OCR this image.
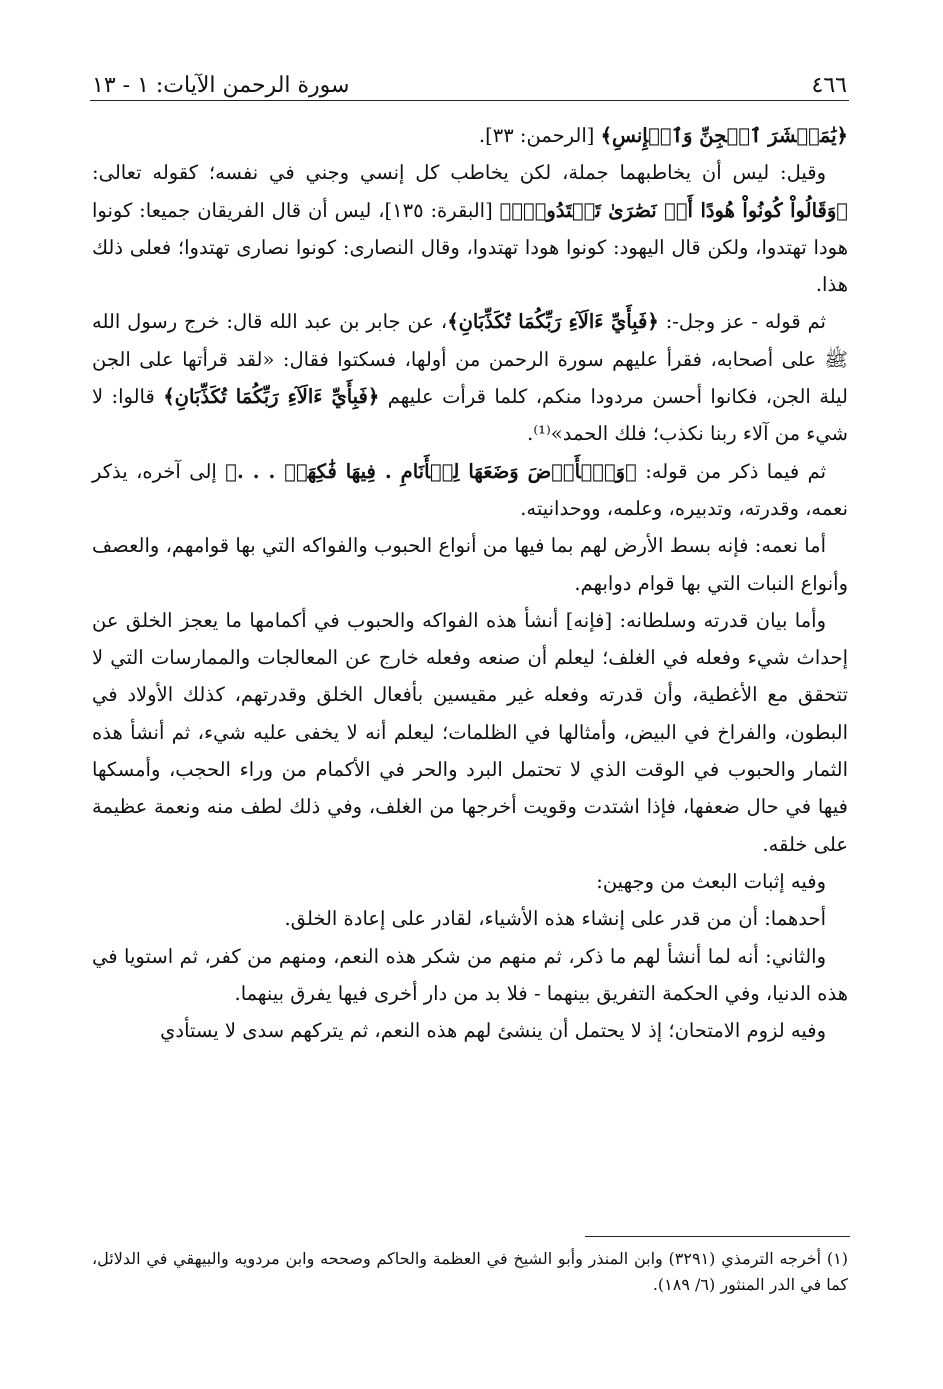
٤٦٦
سورة الرحمن الآيات: ١ - ١٣

﴿يَٰمَعۡشَرَ ٱلۡجِنِّ وَٱلۡإِنسِ﴾ [الرحمن: ٣٣].

وقيل: ليس أن يخاطبهما جملة، لكن يخاطب كل إنسي وجني في نفسه؛ كقوله تعالى: ﴿وَقَالُواْ كُونُواْ هُودًا أَوۡ نَصَٰرَىٰ تَهۡتَدُواْۗ﴾ [البقرة: ١٣٥]، ليس أن قال الفريقان جميعا: كونوا هودا تهتدوا، ولكن قال اليهود: كونوا هودا تهتدوا، وقال النصارى: كونوا نصارى تهتدوا؛ فعلى ذلك هذا.

ثم قوله - عز وجل-: ﴿فَبِأَيِّ ءَالَآءِ رَبِّكُمَا تُكَذِّبَانِ﴾، عن جابر بن عبد الله قال: خرج رسول الله ﷺ على أصحابه، فقرأ عليهم سورة الرحمن من أولها، فسكتوا فقال: «لقد قرأتها على الجن ليلة الجن، فكانوا أحسن مردودا منكم، كلما قرأت عليهم ﴿فَبِأَيِّ ءَالَآءِ رَبِّكُمَا تُكَذِّبَانِ﴾ قالوا: لا شيء من آلاء ربنا نكذب؛ فلك الحمد»⁽¹⁾.

ثم فيما ذكر من قوله: ﴿وَٱلۡأَرۡضَ وَضَعَهَا لِلۡأَنَامِ . فِيهَا فَٰكِهَةٞ . . .﴾ إلى آخره، يذكر نعمه، وقدرته، وتدبيره، وعلمه، ووحدانيته.

أما نعمه: فإنه بسط الأرض لهم بما فيها من أنواع الحبوب والفواكه التي بها قوامهم، والعصف وأنواع النبات التي بها قوام دوابهم.

وأما بيان قدرته وسلطانه: [فإنه] أنشأ هذه الفواكه والحبوب في أكمامها ما يعجز الخلق عن إحداث شيء وفعله في الغلف؛ ليعلم أن صنعه وفعله خارج عن المعالجات والممارسات التي لا تتحقق مع الأغطية، وأن قدرته وفعله غير مقيسين بأفعال الخلق وقدرتهم، كذلك الأولاد في البطون، والفراخ في البيض، وأمثالها في الظلمات؛ ليعلم أنه لا يخفى عليه شيء، ثم أنشأ هذه الثمار والحبوب في الوقت الذي لا تحتمل البرد والحر في الأكمام من وراء الحجب، وأمسكها فيها في حال ضعفها، فإذا اشتدت وقويت أخرجها من الغلف، وفي ذلك لطف منه ونعمة عظيمة على خلقه.

وفيه إثبات البعث من وجهين:

أحدهما: أن من قدر على إنشاء هذه الأشياء، لقادر على إعادة الخلق.

والثاني: أنه لما أنشأ لهم ما ذكر، ثم منهم من شكر هذه النعم، ومنهم من كفر، ثم استويا في هذه الدنيا، وفي الحكمة التفريق بينهما - فلا بد من دار أخرى فيها يفرق بينهما.

وفيه لزوم الامتحان؛ إذ لا يحتمل أن ينشئ لهم هذه النعم، ثم يتركهم سدى لا يستأدي

(١) أخرجه الترمذي (٣٢٩١) وابن المنذر وأبو الشيخ في العظمة والحاكم وصححه وابن مردويه والبيهقي في الدلائل، كما في الدر المنثور (٦/ ١٨٩).
